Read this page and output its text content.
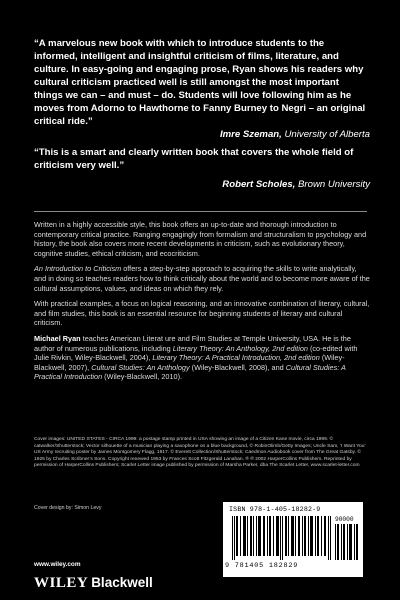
“A marvelous new book with which to introduce students to the informed, intelligent and insightful criticism of films, literature, and culture. In easy-going and engaging prose, Ryan shows his readers why cultural criticism practiced well is still amongst the most important things we can – and must – do. Students will love following him as he moves from Adorno to Hawthorne to Fanny Burney to Negri – an original critical ride.”

Imre Szeman, University of Alberta

“This is a smart and clearly written book that covers the whole field of criticism very well.”

Robert Scholes, Brown University

Written in a highly accessible style, this book offers an up-to-date and thorough introduction to contemporary critical practice. Ranging engagingly from formalism and structuralism to psychology and history, the book also covers more recent developments in criticism, such as evolutionary theory, cognitive studies, ethical criticism, and ecocriticism.

An Introduction to Criticism offers a step-by-step approach to acquiring the skills to write analytically, and in doing so teaches readers how to think critically about the world and to become more aware of the cultural assumptions, values, and ideas on which they rely.

With practical examples, a focus on logical reasoning, and an innovative combination of literary, cultural, and film studies, this book is an essential resource for beginning students of literary and cultural criticism.

Michael Ryan teaches American Literat ure and Film Studies at Temple University, USA. He is the author of numerous publications, including Literary Theory: An Anthology, 2nd edition (co-edited with Julie Rivkin, Wiley-Blackwell, 2004), Literary Theory: A Practical Introduction, 2nd edition (Wiley-Blackwell, 2007), Cultural Studies: An Anthology (Wiley-Blackwell, 2008), and Cultural Studies: A Practical Introduction (Wiley-Blackwell, 2010).

Cover images: UNITED STATES - CIRCA 1999: a postage stamp printed in USA showing an image of a Citizen Kane movie, circa 1999. © catwalker/Shutterstock; Vector silhouette of a musician playing a saxophone on a blue background, © RobinOlimb/Getty Images; Uncle Sam, ‘I Want You’ US Army recruiting poster by James Montgomery Flagg, 1917. © Everett Collection/Shutterstock; Caedmon Audiobook cover from The Great Gatsby. © 1925 by Charles Scribner’s Sons. Copyright renewed 1953 by Frances Scott Fitzgerald Lanahan. ® ℗ 2002 HarperCollins Publishers. Reprinted by permission of HarperCollins Publishers; Scarlet Letter image published by permission of Marsha Parker, dba The Scarlet Letter, www.scarlet-letter.com

Cover design by: Simon Levy	ISBN 978-1-405-18282-9
90000
9 781405 182829
www.wiley.com
WILEY Blackwell
